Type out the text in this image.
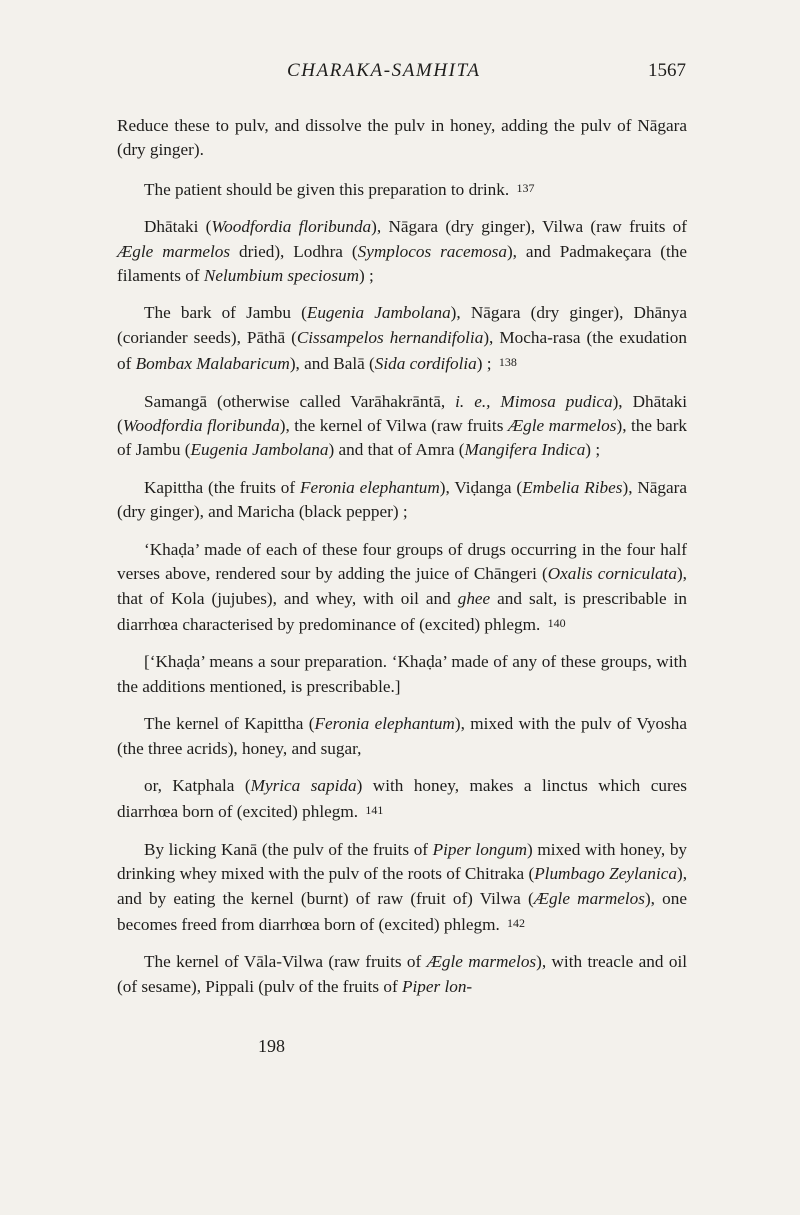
CHARAKA-SAMHITA	1567

Reduce these to pulv, and dissolve the pulv in honey, adding the pulv of Nāgara (dry ginger).

The patient should be given this preparation to drink. 137

Dhātaki (Woodfordia floribunda), Nāgara (dry ginger), Vilwa (raw fruits of Ægle marmelos dried), Lodhra (Symplocos racemosa), and Padmakeçara (the filaments of Nelumbium speciosum) ;

The bark of Jambu (Eugenia Jambolana), Nāgara (dry ginger), Dhānya (coriander seeds), Pāthā (Cissampelos hernandifolia), Mocha-rasa (the exudation of Bombax Malabaricum), and Balā (Sida cordifolia) ; 138

Samangā (otherwise called Varāhakrāntā, i. e., Mimosa pudica), Dhātaki (Woodfordia floribunda), the kernel of Vilwa (raw fruits Ægle marmelos), the bark of Jambu (Eugenia Jambolana) and that of Amra (Mangifera Indica) ;

Kapittha (the fruits of Feronia elephantum), Viḍanga (Embelia Ribes), Nāgara (dry ginger), and Maricha (black pepper) ;

‘Khaḍa’ made of each of these four groups of drugs occurring in the four half verses above, rendered sour by adding the juice of Chāngeri (Oxalis corniculata), that of Kola (jujubes), and whey, with oil and ghee and salt, is prescribable in diarrhœa characterised by predominance of (excited) phlegm. 140

[‘Khaḍa’ means a sour preparation. ‘Khaḍa’ made of any of these groups, with the additions mentioned, is prescribable.]

The kernel of Kapittha (Feronia elephantum), mixed with the pulv of Vyosha (the three acrids), honey, and sugar,

or, Katphala (Myrica sapida) with honey, makes a linctus which cures diarrhœa born of (excited) phlegm. 141

By licking Kanā (the pulv of the fruits of Piper longum) mixed with honey, by drinking whey mixed with the pulv of the roots of Chitraka (Plumbago Zeylanica), and by eating the kernel (burnt) of raw (fruit of) Vilwa (Ægle marmelos), one becomes freed from diarrhœa born of (excited) phlegm. 142

The kernel of Vāla-Vilwa (raw fruits of Ægle marmelos), with treacle and oil (of sesame), Pippali (pulv of the fruits of Piper lon-

198
